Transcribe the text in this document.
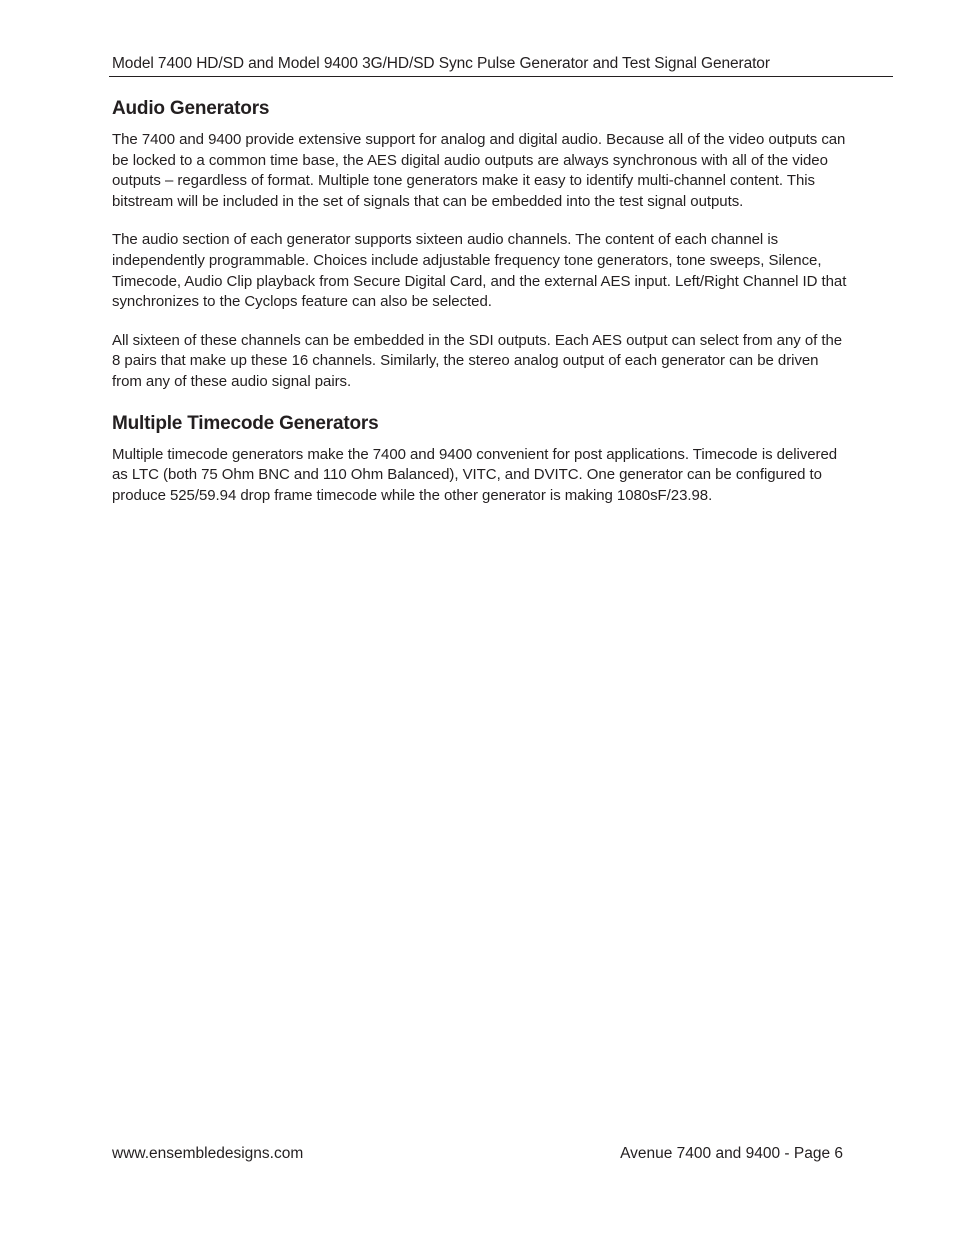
Model 7400 HD/SD and Model 9400 3G/HD/SD Sync Pulse Generator and Test Signal Generator
Audio Generators

The 7400 and 9400 provide extensive support for analog and digital audio. Because all of the video outputs can be locked to a common time base, the AES digital audio outputs are always synchronous with all of the video outputs – regardless of format. Multiple tone generators make it easy to identify multi-channel content. This bitstream will be included in the set of signals that can be embedded into the test signal outputs.

The audio section of each generator supports sixteen audio channels. The content of each channel is independently programmable. Choices include adjustable frequency tone generators, tone sweeps, Silence, Timecode, Audio Clip playback from Secure Digital Card, and the external AES input. Left/Right Channel ID that synchronizes to the Cyclops feature can also be selected.

All sixteen of these channels can be embedded in the SDI outputs. Each AES output can select from any of the 8 pairs that make up these 16 channels. Similarly, the stereo analog output of each generator can be driven from any of these audio signal pairs.

Multiple Timecode Generators

Multiple timecode generators make the 7400 and 9400 convenient for post applications. Timecode is delivered as LTC (both 75 Ohm BNC and 110 Ohm Balanced), VITC, and DVITC. One generator can be configured to produce 525/59.94 drop frame timecode while the other generator is making 1080sF/23.98.

www.ensembledesigns.com	Avenue 7400 and 9400 - Page 6
